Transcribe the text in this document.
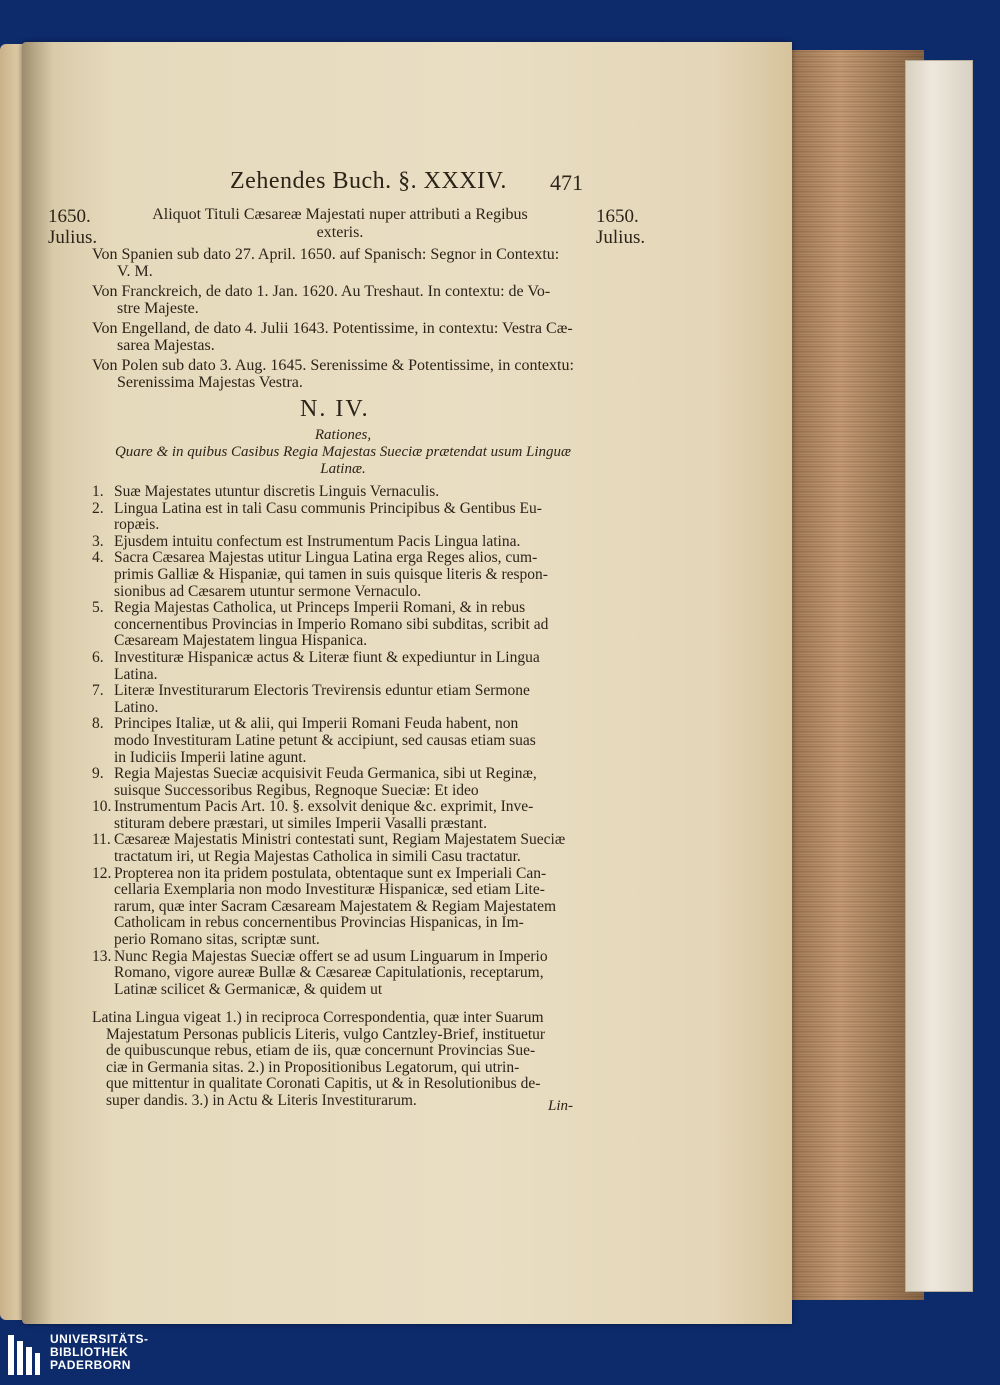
Zehendes Buch. §. XXXIV.	471
1650.
Julius.
1650.
Julius.
Aliquot Tituli Cæsareæ Majestati nuper attributi a Regibus
exteris.
Von Spanien sub dato 27. April. 1650. auf Spanisch: Segnor in Contextu:
V. M.
Von Franckreich, de dato 1. Jan. 1620. Au Treshaut. In contextu: de Vo-
stre Majeste.
Von Engelland, de dato 4. Julii 1643. Potentissime, in contextu: Vestra Cæ-
sarea Majestas.
Von Polen sub dato 3. Aug. 1645. Serenissime & Potentissime, in contextu:
Serenissima Majestas Vestra.
N. IV.
Rationes,
Quare & in quibus Casibus Regia Majestas Sueciæ prætendat usum Linguæ
Latinæ.
1. Suæ Majestates utuntur discretis Linguis Vernaculis.
2. Lingua Latina est in tali Casu communis Principibus & Gentibus Eu-
ropæis.
3. Ejusdem intuitu confectum est Instrumentum Pacis Lingua latina.
4. Sacra Cæsarea Majestas utitur Lingua Latina erga Reges alios, cum-
primis Galliæ & Hispaniæ, qui tamen in suis quisque literis & respon-
sionibus ad Cæsarem utuntur sermone Vernaculo.
5. Regia Majestas Catholica, ut Princeps Imperii Romani, & in rebus
concernentibus Provincias in Imperio Romano sibi subditas, scribit ad
Cæsaream Majestatem lingua Hispanica.
6. Investituræ Hispanicæ actus & Literæ fiunt & expediuntur in Lingua
Latina.
7. Literæ Investiturarum Electoris Trevirensis eduntur etiam Sermone
Latino.
8. Principes Italiæ, ut & alii, qui Imperii Romani Feuda habent, non
modo Investituram Latine petunt & accipiunt, sed causas etiam suas
in Iudiciis Imperii latine agunt.
9. Regia Majestas Sueciæ acquisivit Feuda Germanica, sibi ut Reginæ,
suisque Successoribus Regibus, Regnoque Sueciæ: Et ideo
10. Instrumentum Pacis Art. 10. §. exsolvit denique &c. exprimit, Inve-
stituram debere præstari, ut similes Imperii Vasalli præstant.
11. Cæsareæ Majestatis Ministri contestati sunt, Regiam Majestatem Sueciæ
tractatum iri, ut Regia Majestas Catholica in simili Casu tractatur.
12. Propterea non ita pridem postulata, obtentaque sunt ex Imperiali Can-
cellaria Exemplaria non modo Investituræ Hispanicæ, sed etiam Lite-
rarum, quæ inter Sacram Cæsaream Majestatem & Regiam Majestatem
Catholicam in rebus concernentibus Provincias Hispanicas, in Im-
perio Romano sitas, scriptæ sunt.
13. Nunc Regia Majestas Sueciæ offert se ad usum Linguarum in Imperio
Romano, vigore aureæ Bullæ & Cæsareæ Capitulationis, receptarum,
Latinæ scilicet & Germanicæ, & quidem ut
Latina Lingua vigeat 1.) in reciproca Correspondentia, quæ inter Suarum
Majestatum Personas publicis Literis, vulgo Cantzley-Brief, instituetur
de quibuscunque rebus, etiam de iis, quæ concernunt Provincias Sue-
ciæ in Germania sitas. 2.) in Propositionibus Legatorum, qui utrin-
que mittentur in qualitate Coronati Capitis, ut & in Resolutionibus de-
super dandis. 3.) in Actu & Literis Investiturarum.	Lin-
UNIVERSITÄTS-
BIBLIOTHEK
PADERBORN
